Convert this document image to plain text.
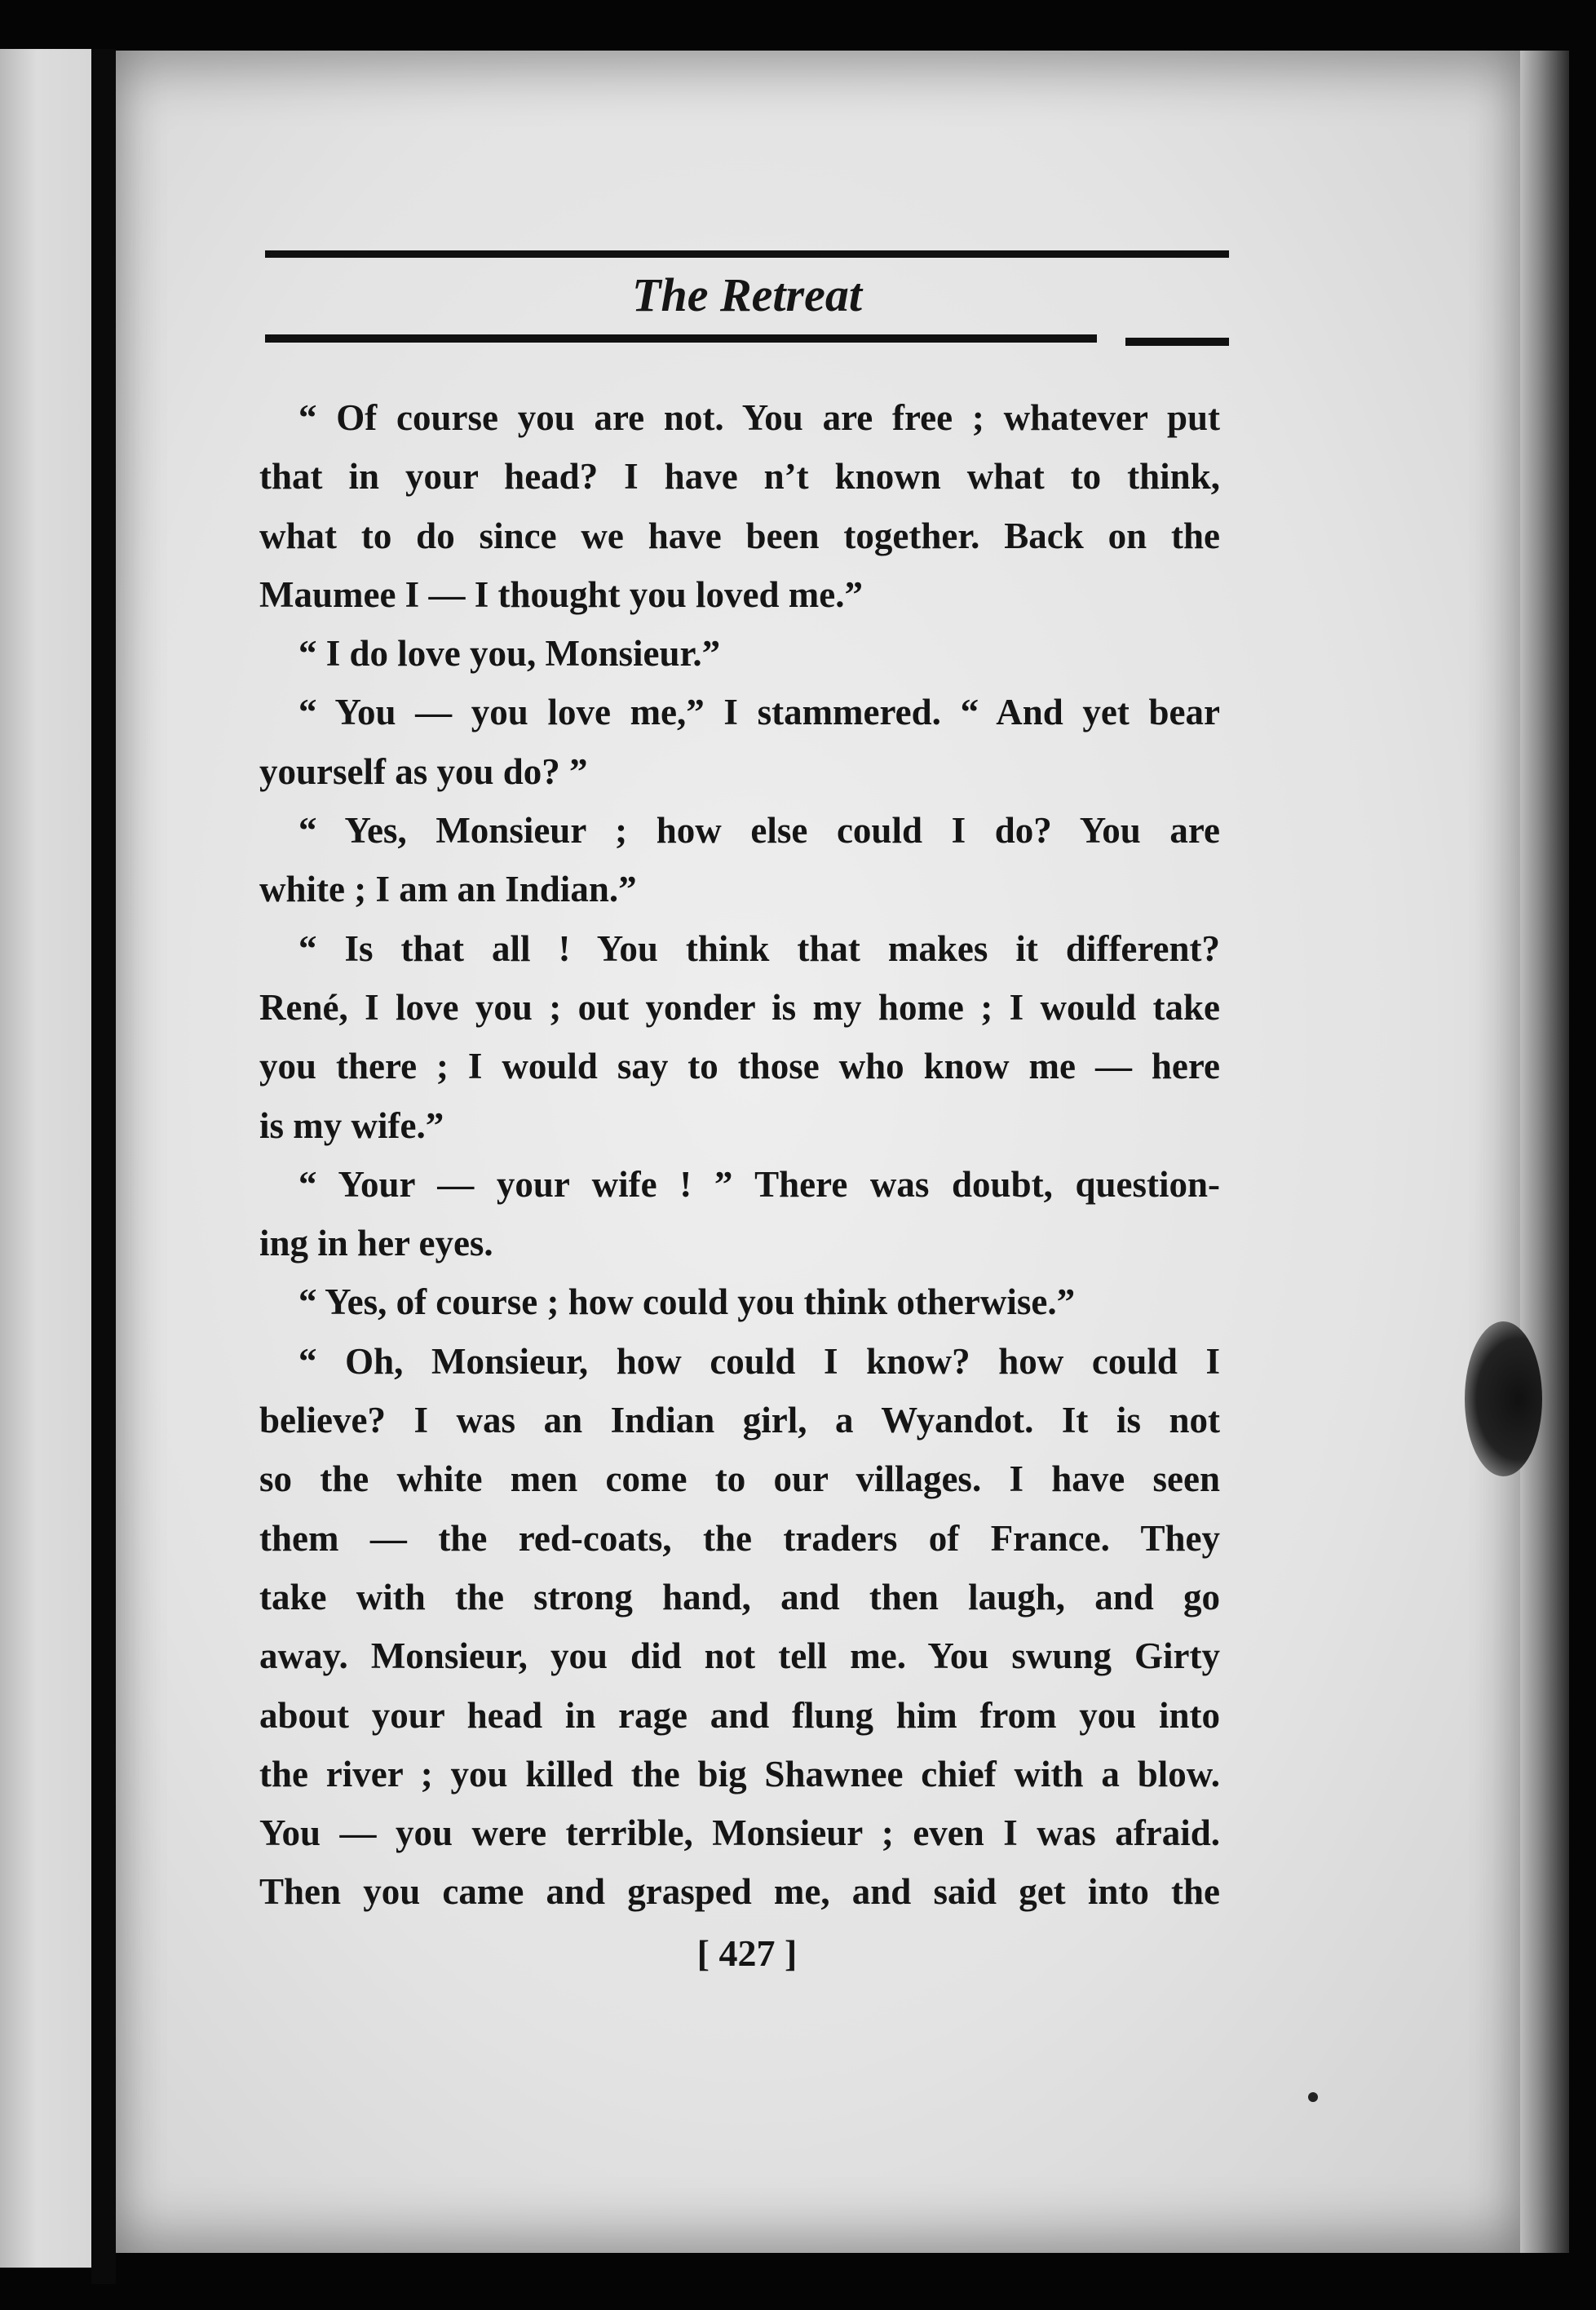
The Retreat
“ Of course you are not. You are free ; whatever put
that in your head? I have n’t known what to think,
what to do since we have been together. Back on the
Maumee I — I thought you loved me.”
“ I do love you, Monsieur.”
“ You — you love me,” I stammered. “ And yet bear
yourself as you do? ”
“ Yes, Monsieur ; how else could I do? You are
white ; I am an Indian.”
“ Is that all ! You think that makes it different?
René, I love you ; out yonder is my home ; I would take
you there ; I would say to those who know me — here
is my wife.”
“ Your — your wife ! ” There was doubt, question-
ing in her eyes.
“ Yes, of course ; how could you think otherwise.”
“ Oh, Monsieur, how could I know? how could I
believe? I was an Indian girl, a Wyandot. It is not
so the white men come to our villages. I have seen
them — the red-coats, the traders of France. They
take with the strong hand, and then laugh, and go
away. Monsieur, you did not tell me. You swung Girty
about your head in rage and flung him from you into
the river ; you killed the big Shawnee chief with a blow.
You — you were terrible, Monsieur ; even I was afraid.
Then you came and grasped me, and said get into the
[ 427 ]
